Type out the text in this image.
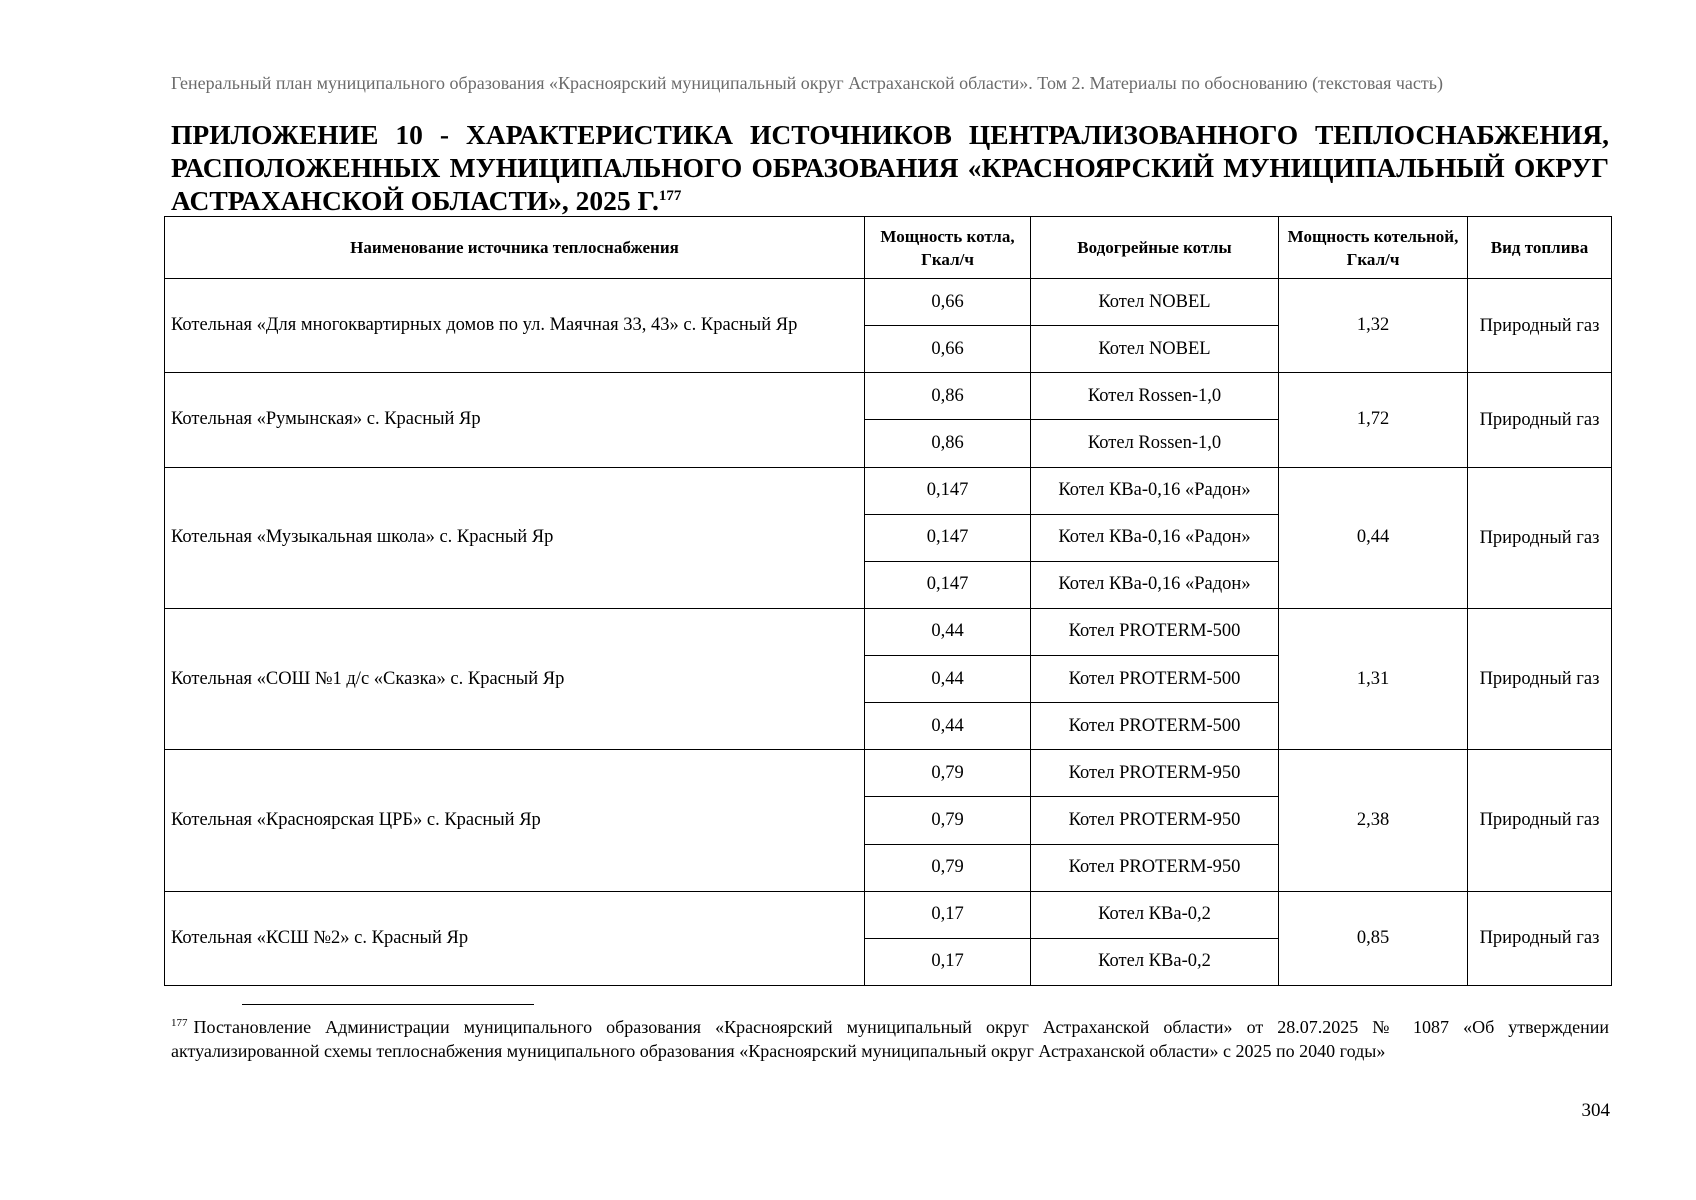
Генеральный план муниципального образования «Красноярский муниципальный округ Астраханской области». Том 2. Материалы по обоснованию (текстовая часть)
ПРИЛОЖЕНИЕ 10 - ХАРАКТЕРИСТИКА ИСТОЧНИКОВ ЦЕНТРАЛИЗОВАННОГО ТЕПЛОСНАБЖЕНИЯ, РАСПОЛОЖЕННЫХ МУНИЦИПАЛЬНОГО ОБРАЗОВАНИЯ «КРАСНОЯРСКИЙ МУНИЦИПАЛЬНЫЙ ОКРУГ АСТРАХАНСКОЙ ОБЛАСТИ», 2025 Г.$^{177}$
Наименование источника теплоснабжения	Мощность котла, Гкал/ч	Водогрейные котлы	Мощность котельной, Гкал/ч	Вид топлива
Котельная «Для многоквартирных домов по ул. Маячная 33, 43» с. Красный Яр	0,66	Котел NOBEL	1,32	Природный газ
	0,66	Котел NOBEL		
Котельная «Румынская» с. Красный Яр	0,86	Котел Rossen-1,0	1,72	Природный газ
	0,86	Котел Rossen-1,0		
Котельная «Музыкальная школа» с. Красный Яр	0,147	Котел КВа-0,16 «Радон»	0,44	Природный газ
	0,147	Котел КВа-0,16 «Радон»		
	0,147	Котел КВа-0,16 «Радон»		
Котельная «СОШ №1 д/с «Сказка» с. Красный Яр	0,44	Котел PROTERM-500	1,31	Природный газ
	0,44	Котел PROTERM-500		
	0,44	Котел PROTERM-500		
Котельная «Красноярская ЦРБ» с. Красный Яр	0,79	Котел PROTERM-950	2,38	Природный газ
	0,79	Котел PROTERM-950		
	0,79	Котел PROTERM-950		
Котельная «КСШ №2» с. Красный Яр	0,17	Котел КВа-0,2	0,85	Природный газ
	0,17	Котел КВа-0,2		

$^{177}$ Постановление Администрации муниципального образования «Красноярский муниципальный округ Астраханской области» от 28.07.2025 № 1087 «Об утверждении актуализированной схемы теплоснабжения муниципального образования «Красноярский муниципальный округ Астраханской области» с 2025 по 2040 годы»

304
